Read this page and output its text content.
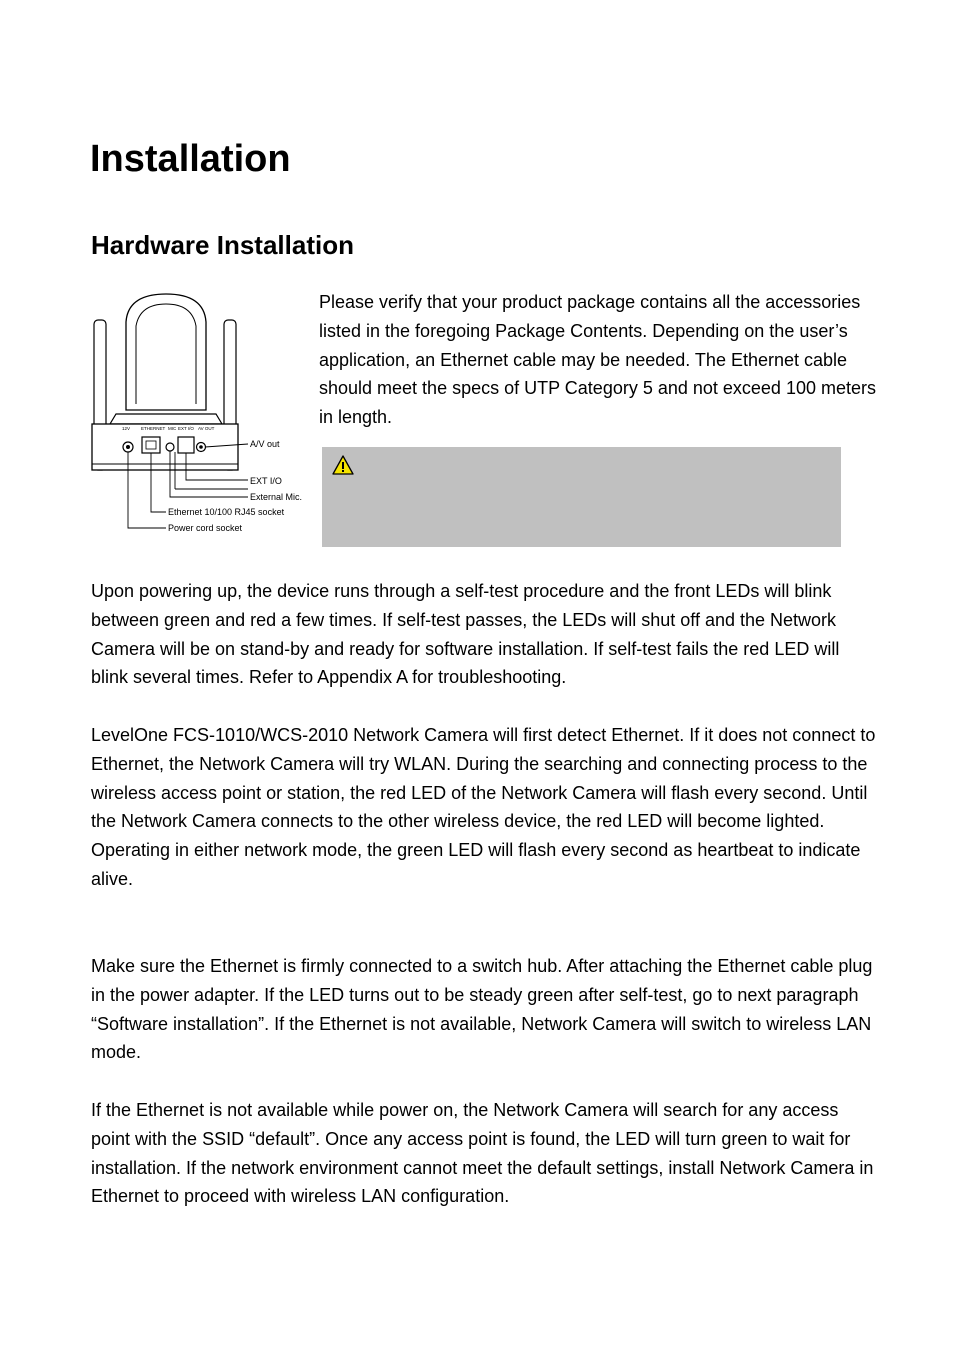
Installation
Hardware Installation
12V ETHERNET MIC EXT I/O AV OUT
A/V out
EXT I/O
External Mic.
Ethernet 10/100 RJ45 socket
Power cord socket

Please verify that your product package contains all the accessories listed in the foregoing Package Contents. Depending on the user’s application, an Ethernet cable may be needed. The Ethernet cable should meet the specs of UTP Category 5 and not exceed 100 meters in length.

Upon powering up, the device runs through a self-test procedure and the front LEDs will blink between green and red a few times. If self-test passes, the LEDs will shut off and the Network Camera will be on stand-by and ready for software installation. If self-test fails the red LED will blink several times. Refer to Appendix A for troubleshooting.

LevelOne FCS-1010/WCS-2010 Network Camera will first detect Ethernet. If it does not connect to Ethernet, the Network Camera will try WLAN. During the searching and connecting process to the wireless access point or station, the red LED of the Network Camera will flash every second. Until the Network Camera connects to the other wireless device, the red LED will become lighted. Operating in either network mode, the green LED will flash every second as heartbeat to indicate alive.

Make sure the Ethernet is firmly connected to a switch hub. After attaching the Ethernet cable plug in the power adapter. If the LED turns out to be steady green after self-test, go to next paragraph “Software installation”. If the Ethernet is not available, Network Camera will switch to wireless LAN mode.

If the Ethernet is not available while power on, the Network Camera will search for any access point with the SSID “default”. Once any access point is found, the LED will turn green to wait for installation. If the network environment cannot meet the default settings, install Network Camera in Ethernet to proceed with wireless LAN configuration.
